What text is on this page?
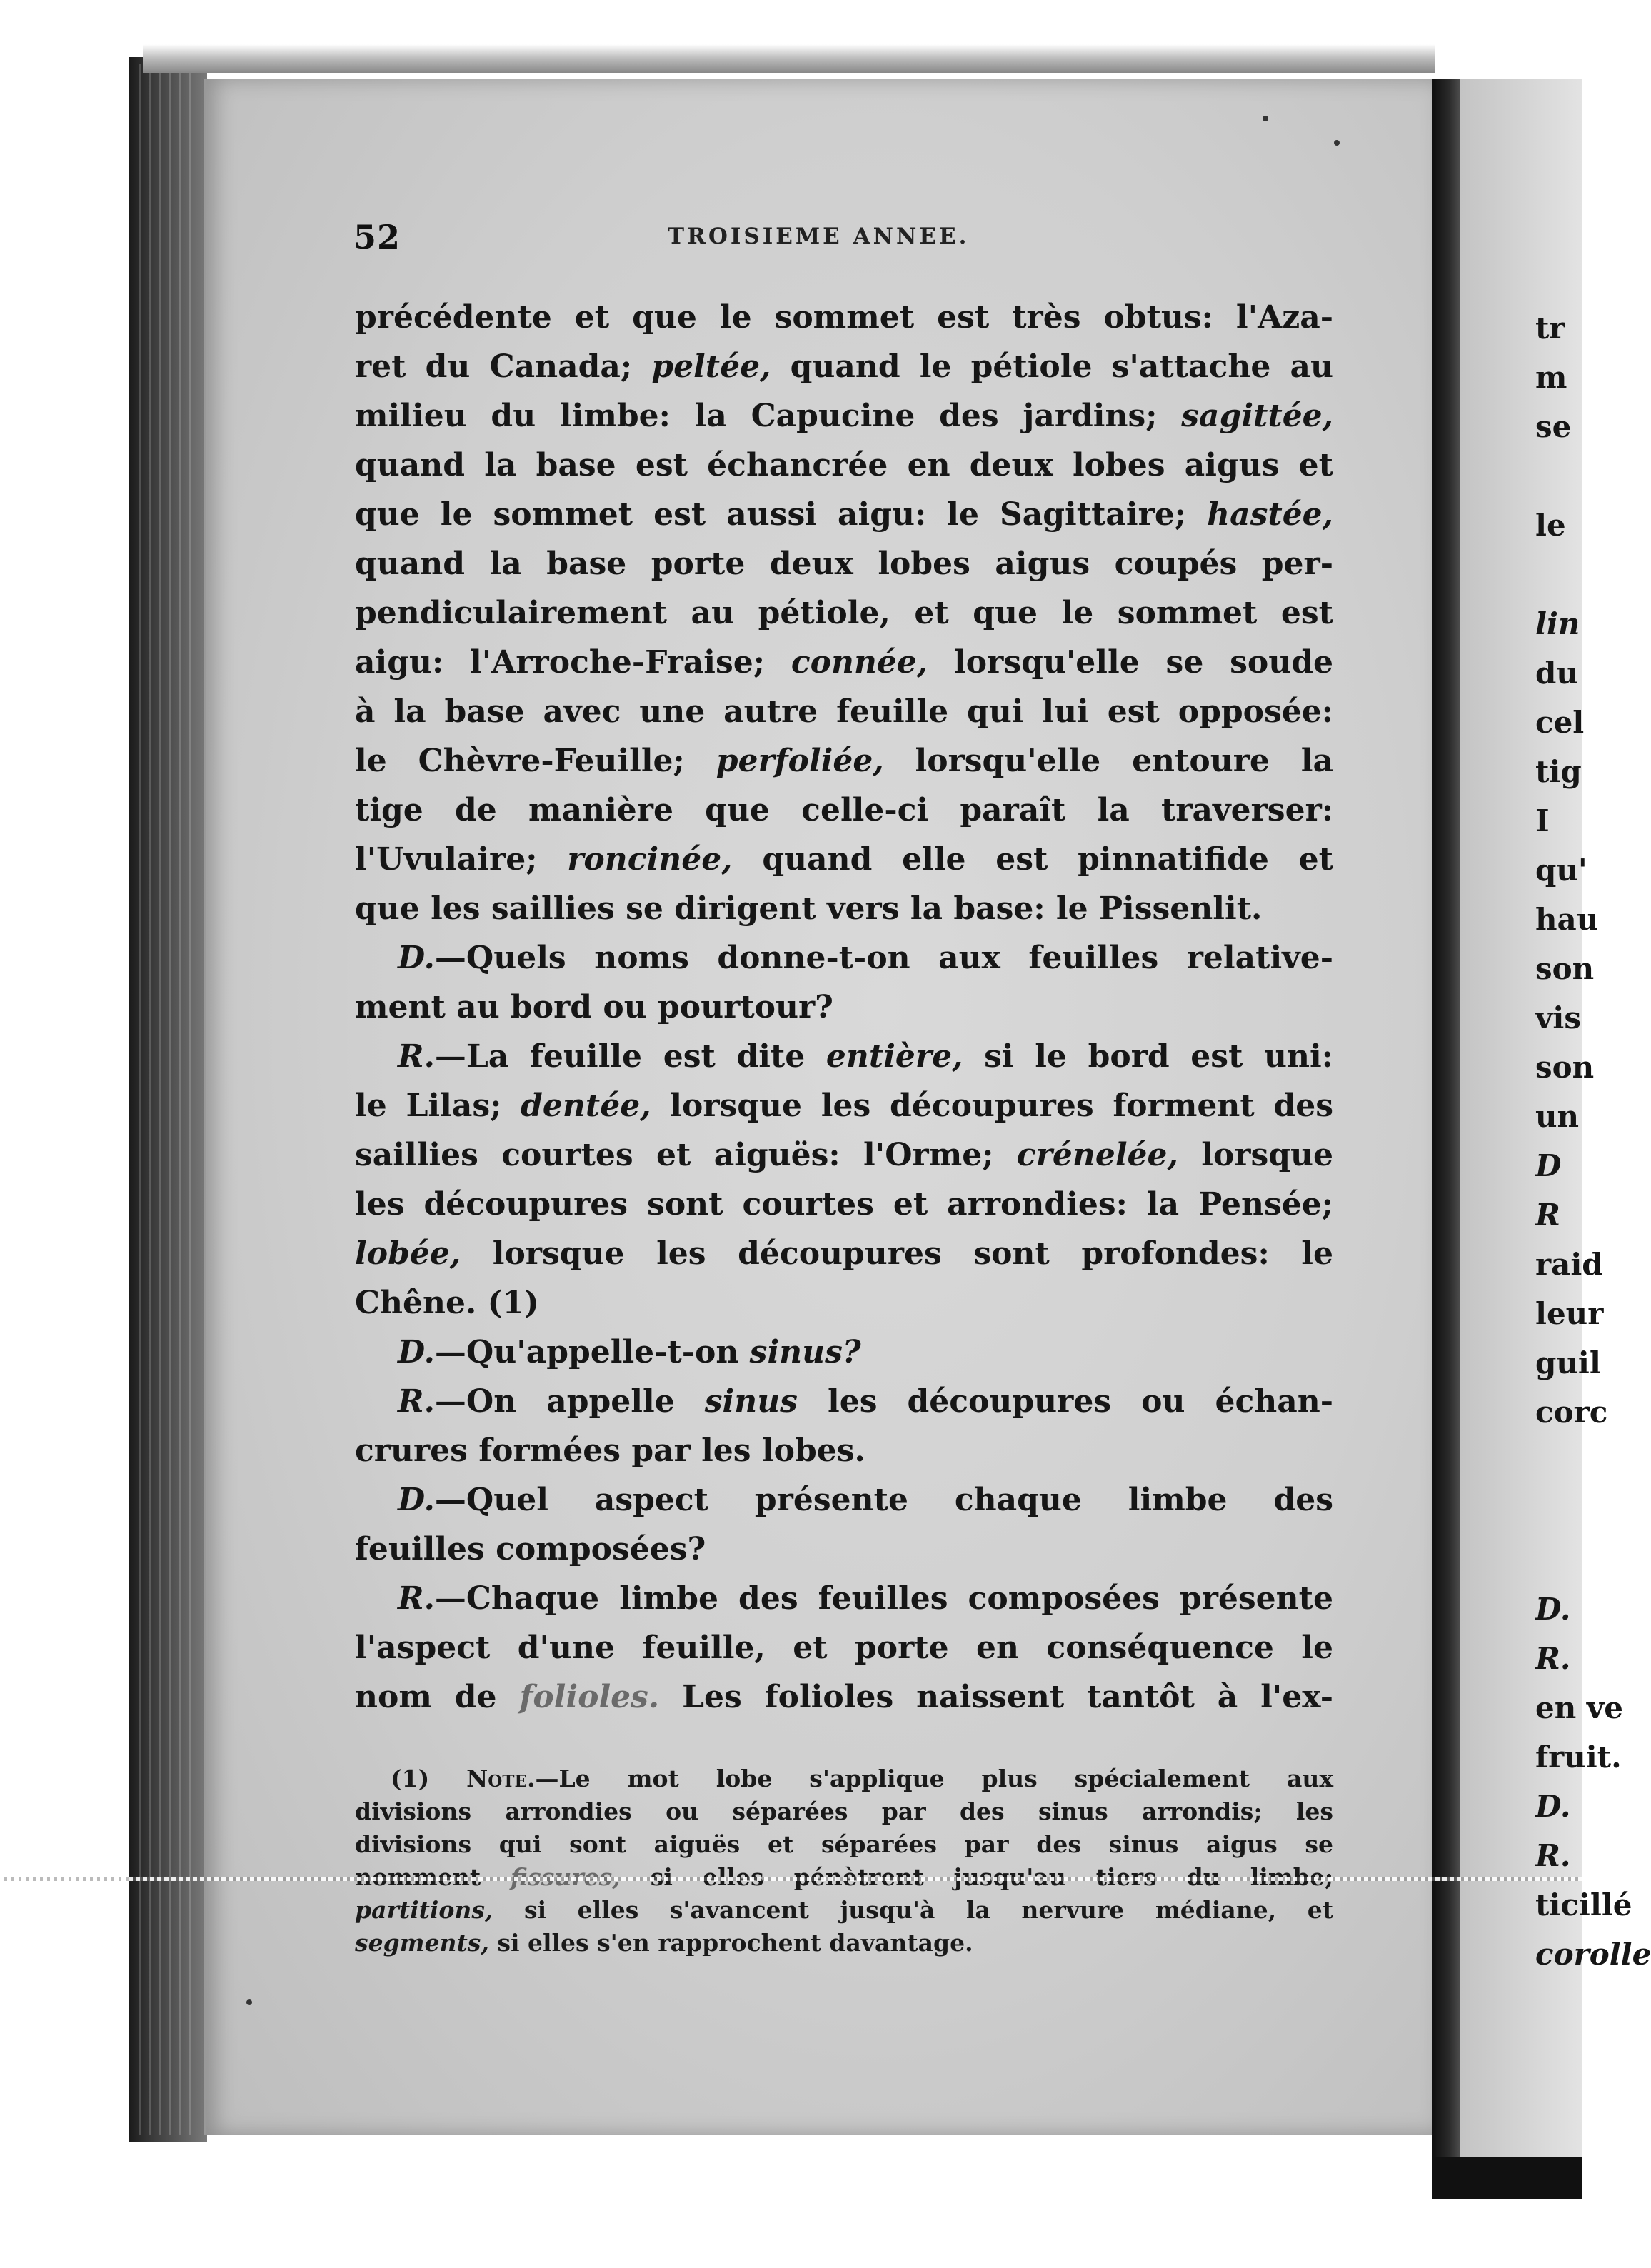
52	TROISIEME ANNEE.
précédente et que le sommet est très obtus: l'Aza-
ret du Canada; peltée, quand le pétiole s'attache au
milieu du limbe: la Capucine des jardins; sagittée,
quand la base est échancrée en deux lobes aigus et
que le sommet est aussi aigu: le Sagittaire; hastée,
quand la base porte deux lobes aigus coupés per-
pendiculairement au pétiole, et que le sommet est
aigu: l'Arroche-Fraise; connée, lorsqu'elle se soude
à la base avec une autre feuille qui lui est opposée:
le Chèvre-Feuille; perfoliée, lorsqu'elle entoure la
tige de manière que celle-ci paraît la traverser:
l'Uvulaire; roncinée, quand elle est pinnatifide et
que les saillies se dirigent vers la base: le Pissenlit.
D.—Quels noms donne-t-on aux feuilles relative-
ment au bord ou pourtour?
R.—La feuille est dite entière, si le bord est uni:
le Lilas; dentée, lorsque les découpures forment des
saillies courtes et aiguës: l'Orme; crénelée, lorsque
les découpures sont courtes et arrondies: la Pensée;
lobée, lorsque les découpures sont profondes: le
Chêne. (1)
D.—Qu'appelle-t-on sinus?
R.—On appelle sinus les découpures ou échan-
crures formées par les lobes.
D.—Quel aspect présente chaque limbe des
feuilles composées?
R.—Chaque limbe des feuilles composées présente
l'aspect d'une feuille, et porte en conséquence le
nom de folioles. Les folioles naissent tantôt à l'ex-
(1) Note.—Le mot lobe s'applique plus spécialement aux
divisions arrondies ou séparées par des sinus arrondis; les
divisions qui sont aiguës et séparées par des sinus aigus se
partitions, si elles s'avancent jusqu'à la nervure médiane, et
segments, si elles s'en rapprochent davantage.
tr
m
se
le
lin
du
cel
tig
I
qu'
hau
son
vis
son
un
D
R
raid
leur
guil
corc
D.
R.
en ve
fruit.
D.
R.
ticillé
corolle
